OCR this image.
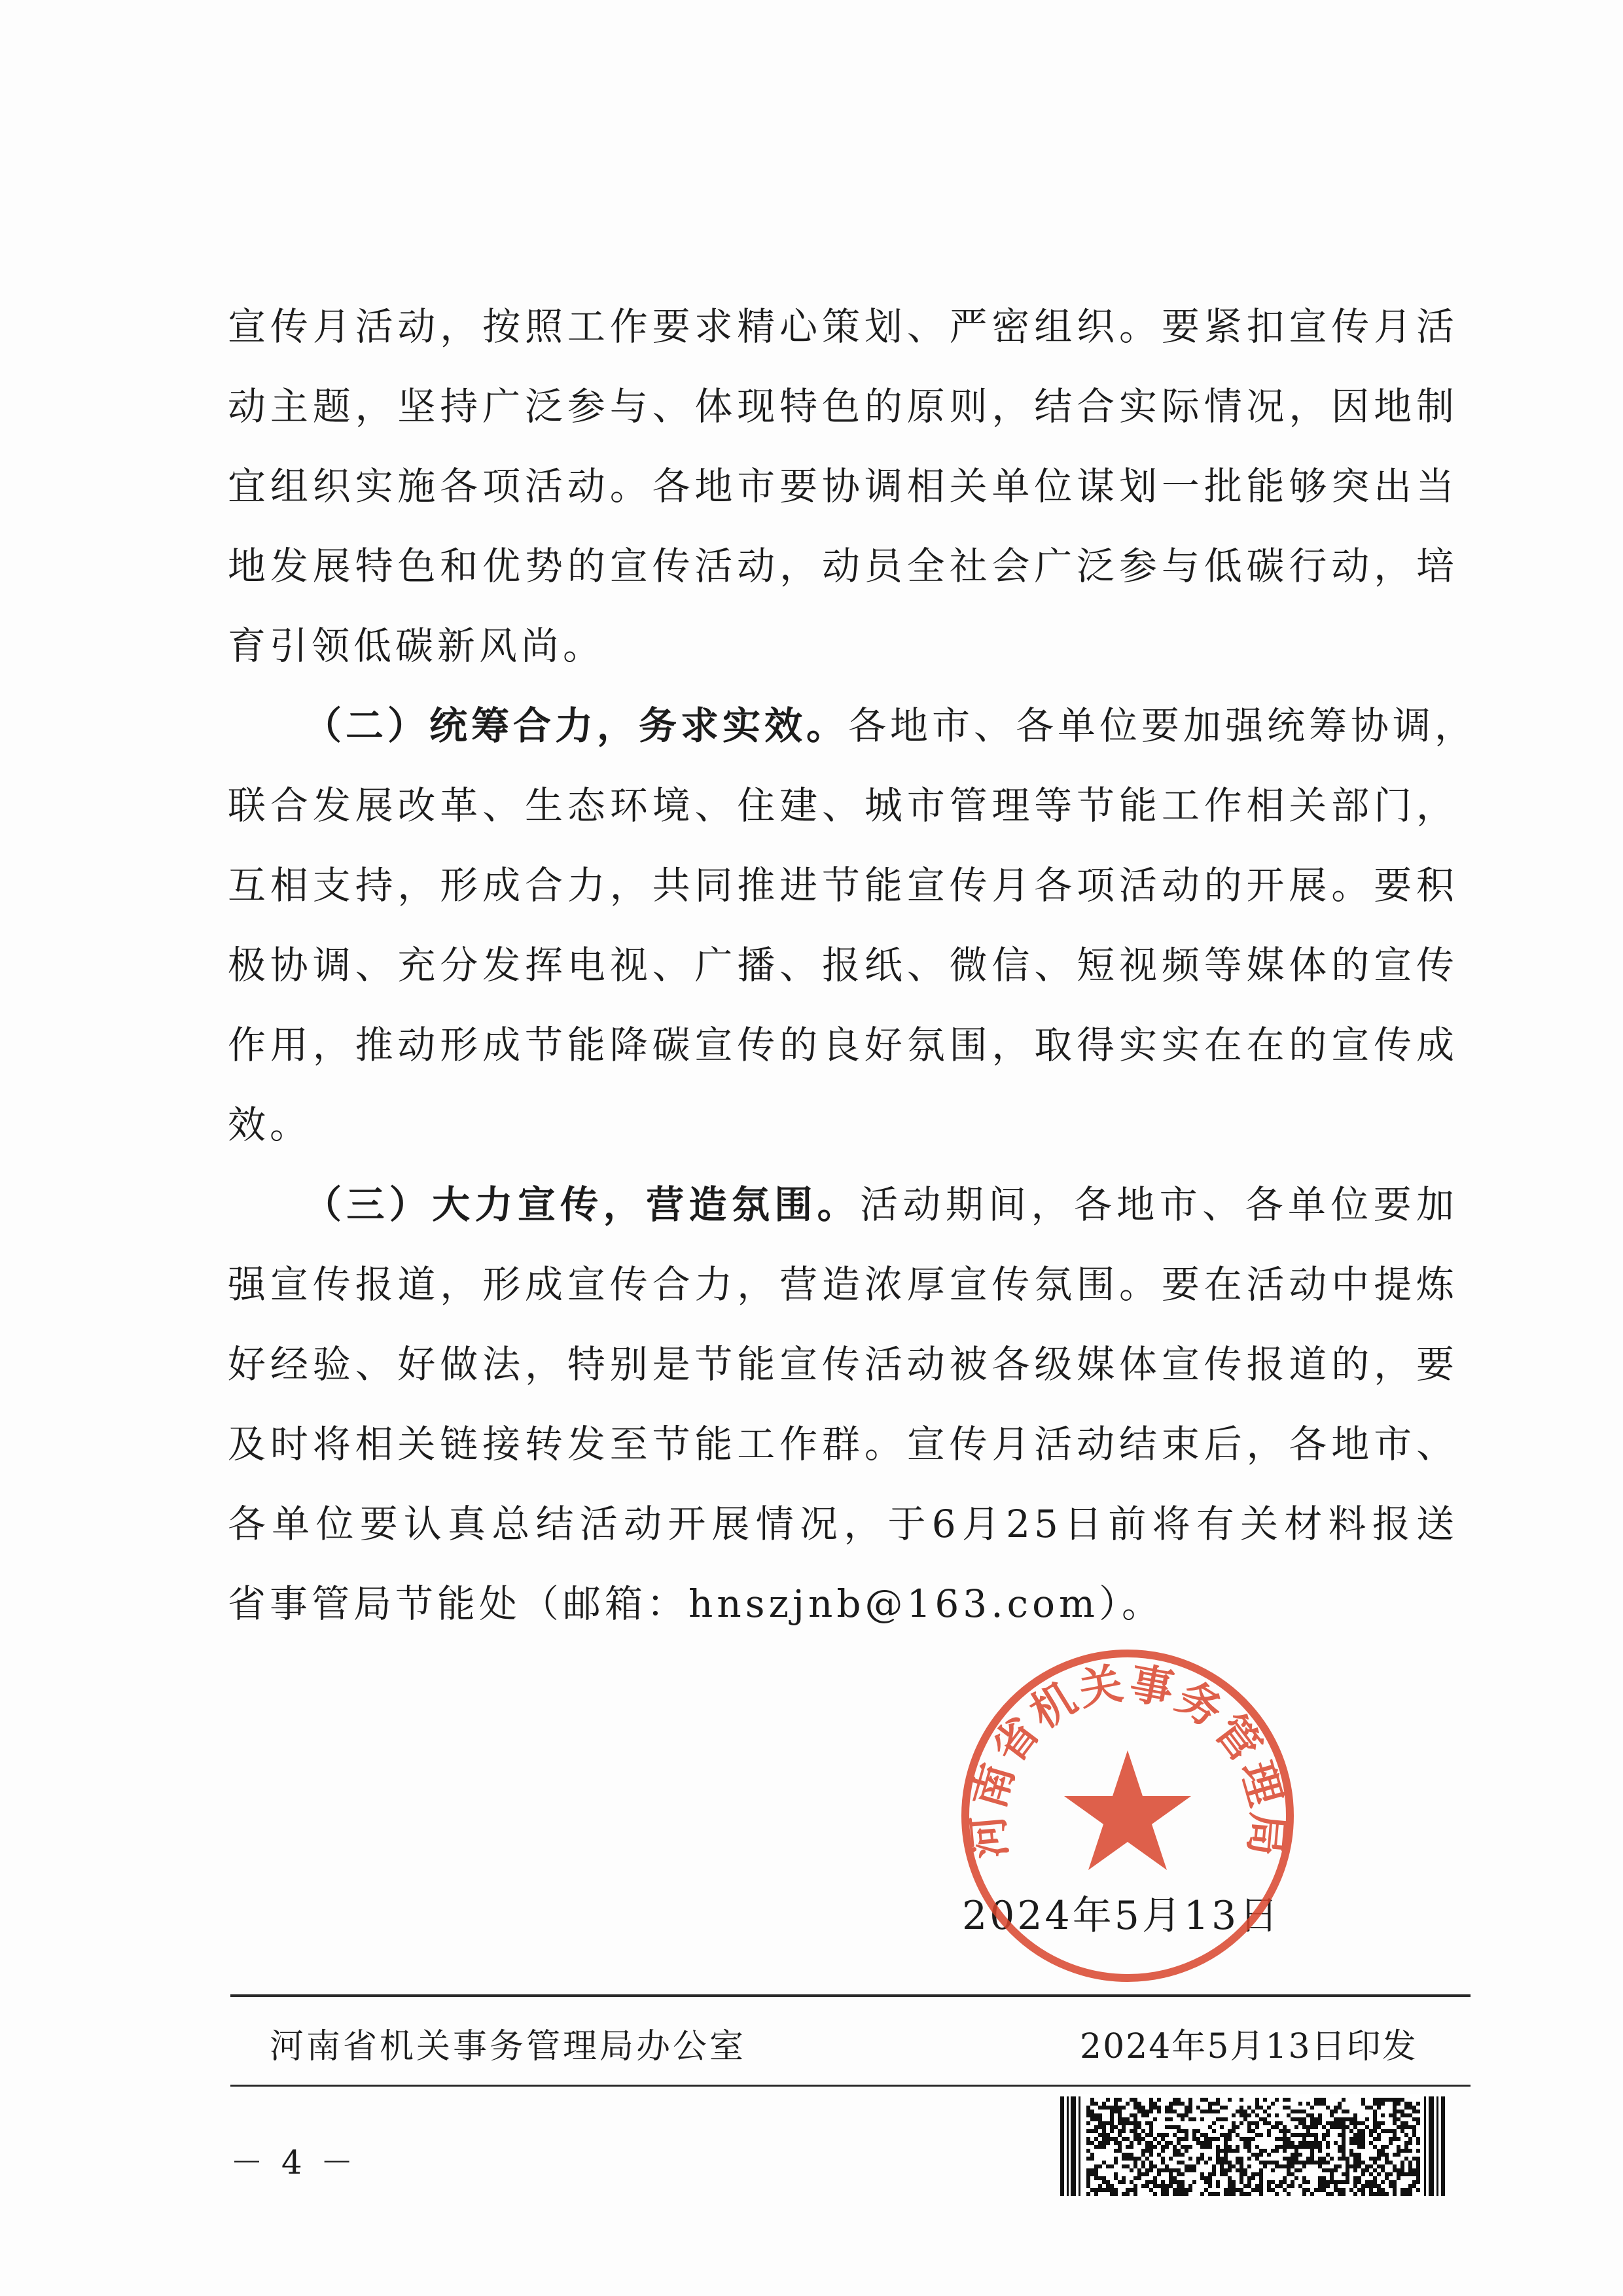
宣传月活动，按照工作要求精心策划、严密组织。要紧扣宣传月活

动主题，坚持广泛参与、体现特色的原则，结合实际情况，因地制

宜组织实施各项活动。各地市要协调相关单位谋划一批能够突出当

地发展特色和优势的宣传活动，动员全社会广泛参与低碳行动，培

育引领低碳新风尚。

（二）统筹合力，务求实效。各地市、各单位要加强统筹协调，

联合发展改革、生态环境、住建、城市管理等节能工作相关部门，

互相支持，形成合力，共同推进节能宣传月各项活动的开展。要积

极协调、充分发挥电视、广播、报纸、微信、短视频等媒体的宣传

作用，推动形成节能降碳宣传的良好氛围，取得实实在在的宣传成

效。

（三）大力宣传，营造氛围。活动期间，各地市、各单位要加

强宣传报道，形成宣传合力，营造浓厚宣传氛围。要在活动中提炼

好经验、好做法，特别是节能宣传活动被各级媒体宣传报道的，要

及时将相关链接转发至节能工作群。宣传月活动结束后，各地市、

各单位要认真总结活动开展情况，于6月25日前将有关材料报送

省事管局节能处（邮箱：hnszjnb@163.com）。

2024年5月13日
河南省机关事务管理局
河南省机关事务管理局办公室	2024年5月13日印发
－ 4 －
